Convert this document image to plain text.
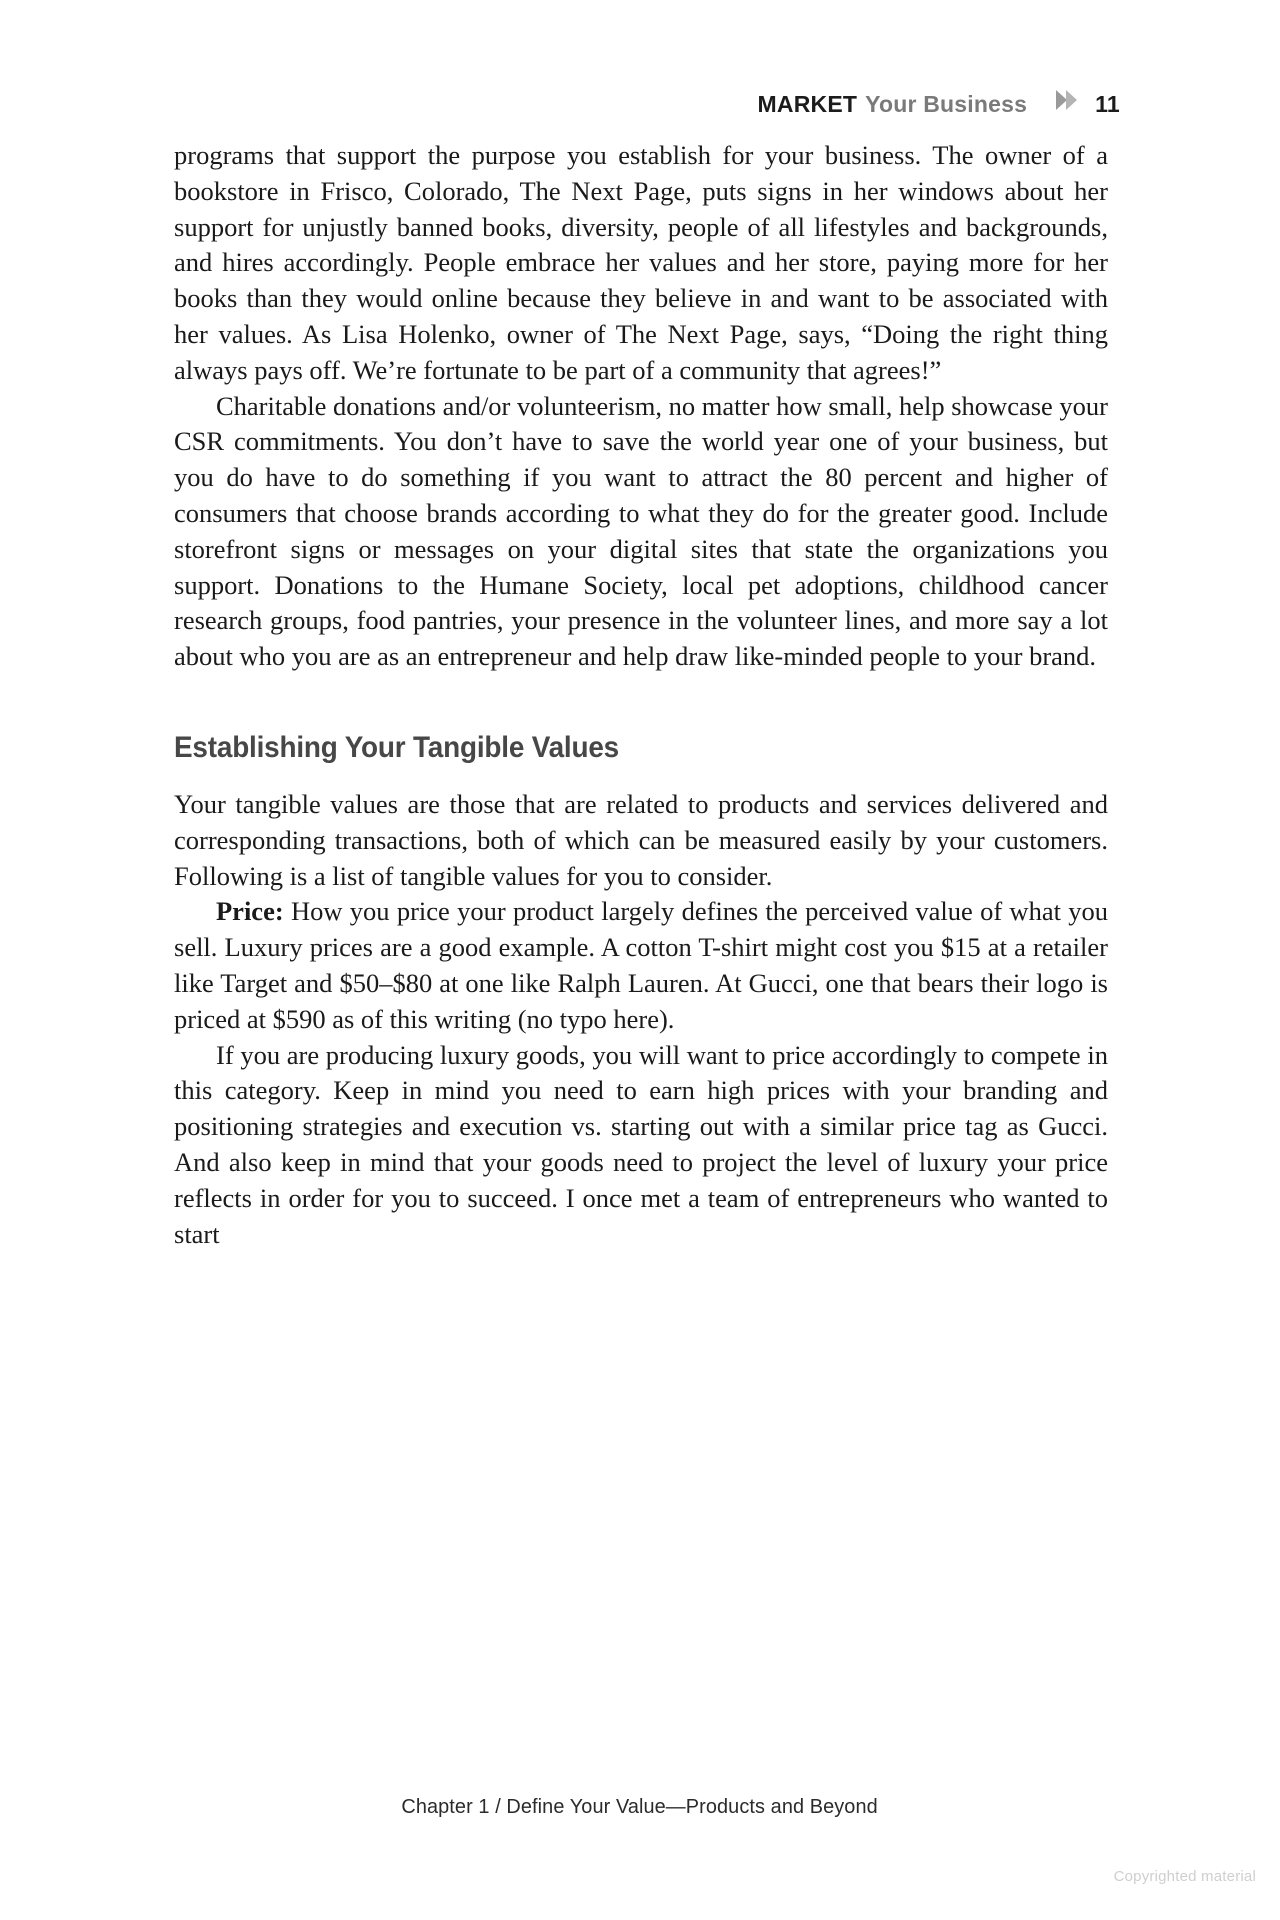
MARKET Your Business	11

programs that support the purpose you establish for your business. The owner of a bookstore in Frisco, Colorado, The Next Page, puts signs in her windows about her support for unjustly banned books, diversity, people of all lifestyles and backgrounds, and hires accordingly. People embrace her values and her store, paying more for her books than they would online because they believe in and want to be associated with her values. As Lisa Holenko, owner of The Next Page, says, “Doing the right thing always pays off. We’re fortunate to be part of a community that agrees!”

Charitable donations and/or volunteerism, no matter how small, help showcase your CSR commitments. You don’t have to save the world year one of your business, but you do have to do something if you want to attract the 80 percent and higher of consumers that choose brands according to what they do for the greater good. Include storefront signs or messages on your digital sites that state the organizations you support. Donations to the Humane Society, local pet adoptions, childhood cancer research groups, food pantries, your presence in the volunteer lines, and more say a lot about who you are as an entrepreneur and help draw like-minded people to your brand.

Establishing Your Tangible Values

Your tangible values are those that are related to products and services delivered and corresponding transactions, both of which can be measured easily by your customers. Following is a list of tangible values for you to consider.

Price: How you price your product largely defines the perceived value of what you sell. Luxury prices are a good example. A cotton T-shirt might cost you $15 at a retailer like Target and $50–$80 at one like Ralph Lauren. At Gucci, one that bears their logo is priced at $590 as of this writing (no typo here).

If you are producing luxury goods, you will want to price accordingly to compete in this category. Keep in mind you need to earn high prices with your branding and positioning strategies and execution vs. starting out with a similar price tag as Gucci. And also keep in mind that your goods need to project the level of luxury your price reflects in order for you to succeed. I once met a team of entrepreneurs who wanted to start

Chapter 1 / Define Your Value—Products and Beyond
Copyrighted material
